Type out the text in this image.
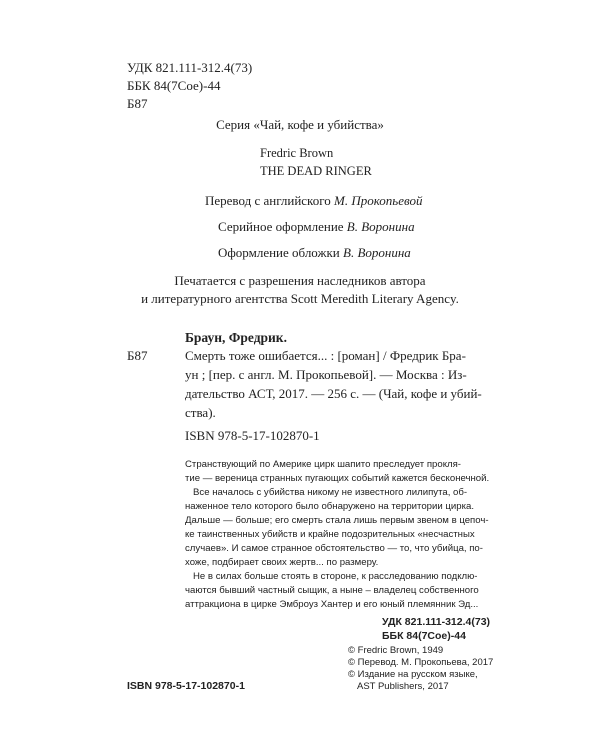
УДК 821.111-312.4(73)
ББК 84(7Сое)-44
Б87
Серия «Чай, кофе и убийства»
Fredric Brown
THE DEAD RINGER
Перевод с английского М. Прокопьевой
Серийное оформление В. Воронина
Оформление обложки В. Воронина
Печатается с разрешения наследников автора
и литературного агентства Scott Meredith Literary Agency.
Браун, Фредрик.
Б87	Смерть тоже ошибается... : [роман] / Фредрик Бра-
ун ; [пер. с англ. М. Прокопьевой]. — Москва : Из-
дательство АСТ, 2017. — 256 с. — (Чай, кофе и убий-
ства).
ISBN 978-5-17-102870-1
Странствующий по Америке цирк шапито преследует прокля-
тие — вереница странных пугающих событий кажется бесконечной.
Все началось с убийства никому не известного лилипута, об-
наженное тело которого было обнаружено на территории цирка.
Дальше — больше; его смерть стала лишь первым звеном в цепоч-
ке таинственных убийств и крайне подозрительных «несчастных
случаев». И самое странное обстоятельство — то, что убийца, по-
хоже, подбирает своих жертв... по размеру.
Не в силах больше стоять в стороне, к расследованию подклю-
чаются бывший частный сыщик, а ныне – владелец собственного
аттракциона в цирке Эмброуз Хантер и его юный племянник Эд...
УДК 821.111-312.4(73)
ББК 84(7Сое)-44
ISBN 978-5-17-102870-1
© Fredric Brown, 1949
© Перевод. М. Прокопьева, 2017
© Издание на русском языке,
AST Publishers, 2017
